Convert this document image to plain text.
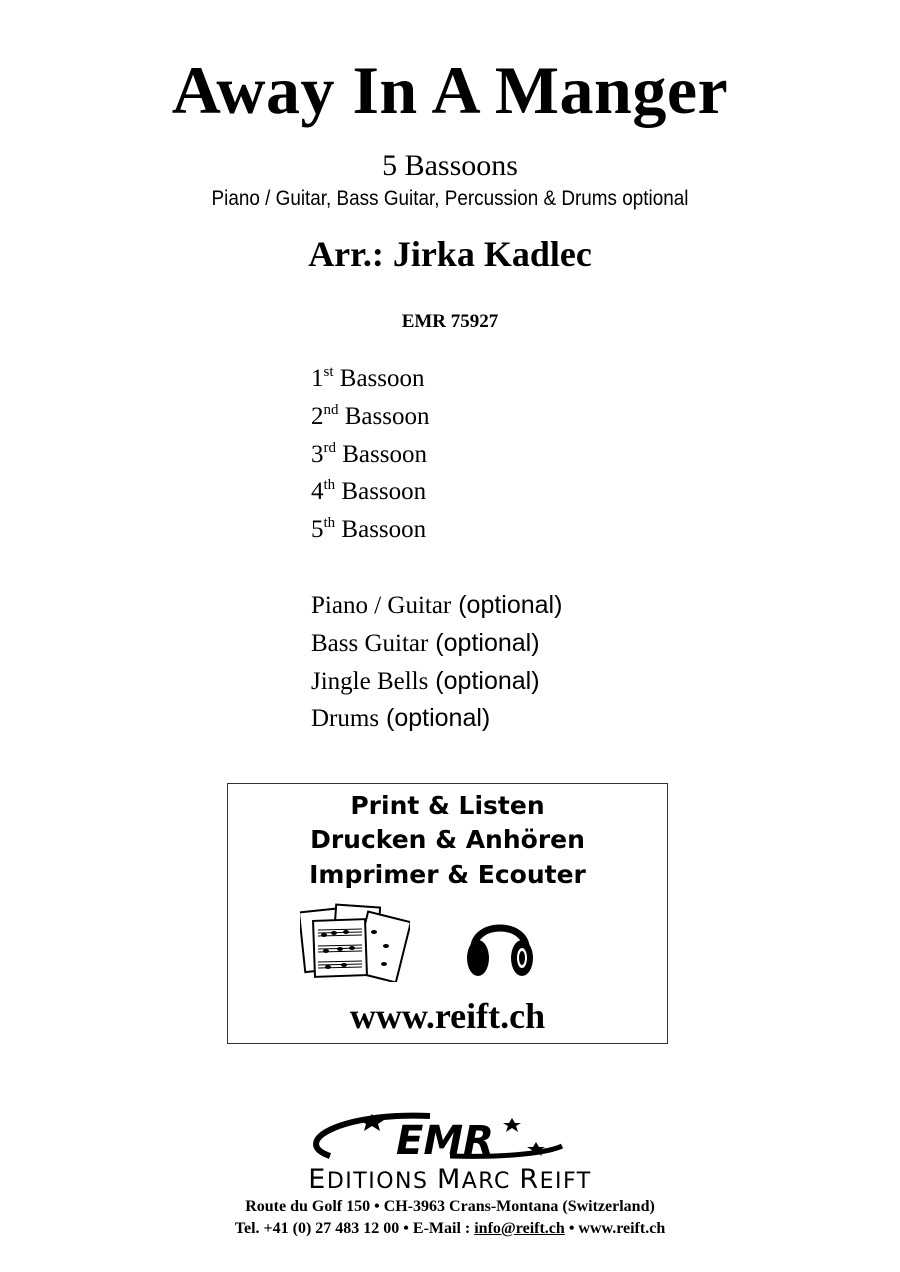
Away In A Manger
5 Bassoons
Piano / Guitar, Bass Guitar, Percussion & Drums optional
Arr.: Jirka Kadlec
EMR 75927
1st Bassoon
2nd Bassoon
3rd Bassoon
4th Bassoon
5th Bassoon
Piano / Guitar (optional)
Bass Guitar (optional)
Jingle Bells (optional)
Drums (optional)
Print & Listen
Drucken & Anhören
Imprimer & Ecouter
www.reift.ch
EMR
EDITIONS MARC REIFT
Route du Golf 150 • CH-3963 Crans-Montana (Switzerland)
Tel. +41 (0) 27 483 12 00 • E-Mail : info@reift.ch • www.reift.ch
